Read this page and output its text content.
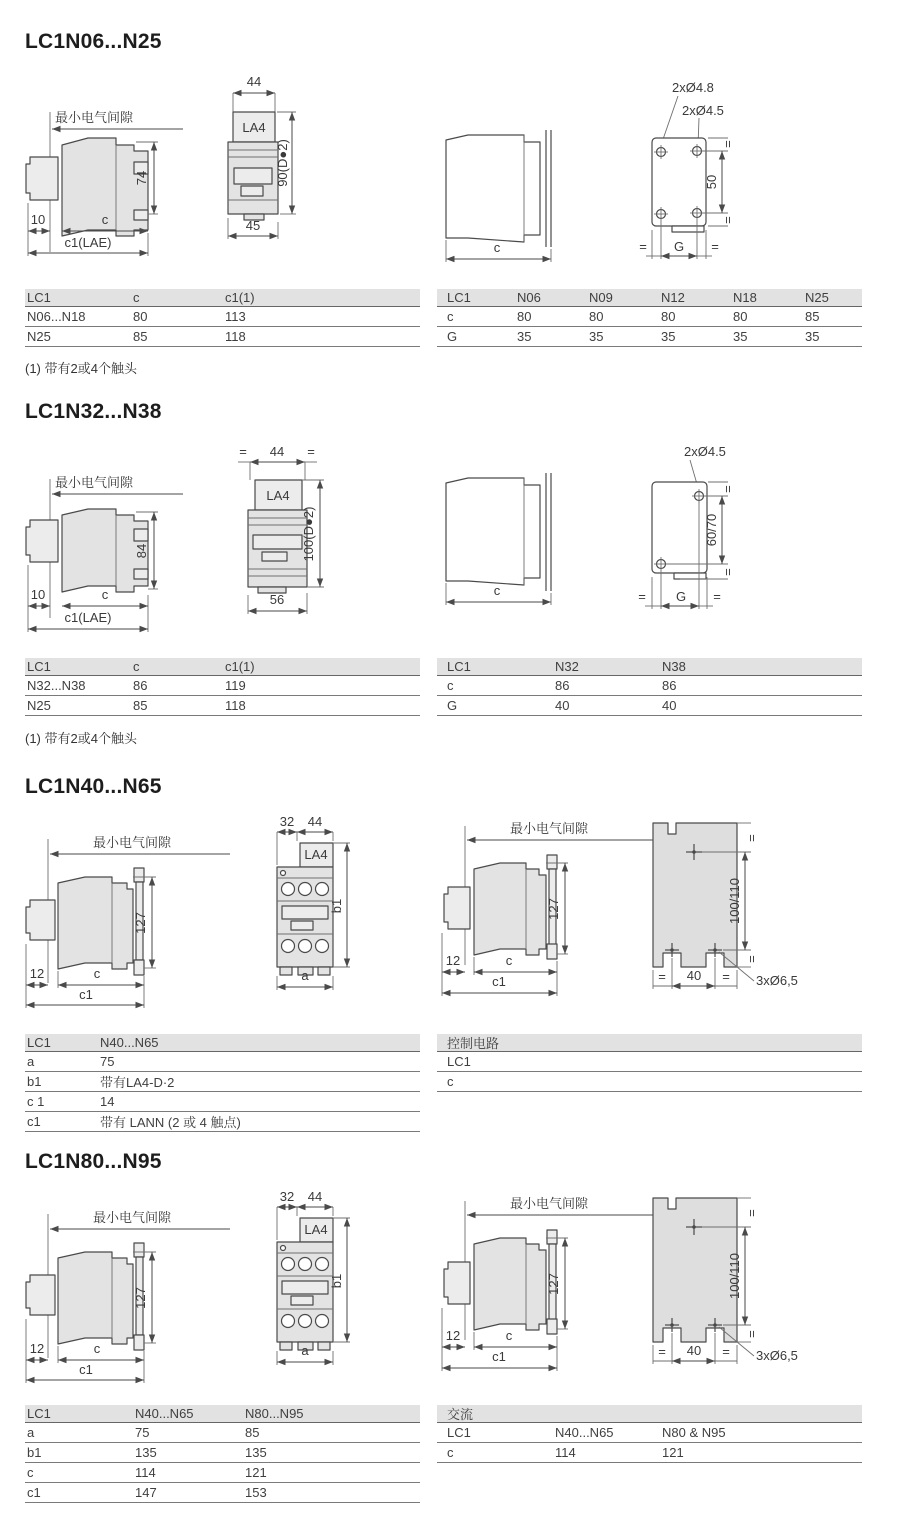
LC1N06...N25
最小电气间隙
74
10	c
c1(LAE)
44
LA4
90(D●2)
45
c
2xØ4.8
2xØ4.5
=
50
=
= G =
LC1	c	c1(1)
N06...N18	80	113
N25	85	118
LC1	N06	N09	N12	N18	N25
c	80	80	80	80	85
G	35	35	35	35	35
(1) 带有2或4个触头
LC1N32...N38
最小电气间隙
84
10	c
c1(LAE)
= 44 =
LA4
100(D●2)
56
c
2xØ4.5
=
60/70
=
= G =
LC1	c	c1(1)
N32...N38	86	119
N25	85	118
LC1	N32	N38
c	86	86
G	40	40
(1) 带有2或4个触头
LC1N40...N65
最小电气间隙
127
12	c
c1
32 44
LA4
b1
a
最小电气间隙
127
12	c
c1
=
100/110
=
= 40 = 3xØ6,5
LC1	N40...N65
a	75
b1	带有LA4-D·2
c 1	14
c1	带有 LANN (2 或 4 触点)
控制电路
LC1
c
LC1N80...N95
最小电气间隙
127
12	c
c1
32 44
LA4
b1
a
最小电气间隙
127
12	c
c1
=
100/110
=
= 40 = 3xØ6,5
LC1	N40...N65	N80...N95
a	75	85
b1	135	135
c	114	121
c1	147	153
交流
LC1	N40...N65	N80 & N95
c	114	121
